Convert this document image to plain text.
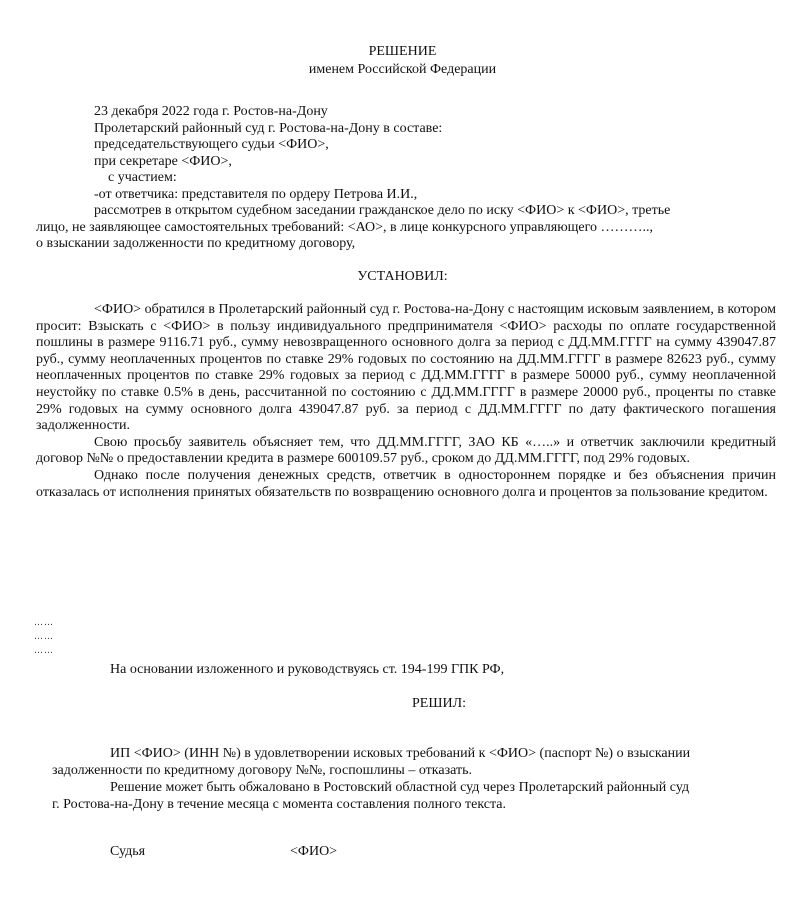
РЕШЕНИЕ
именем Российской Федерации
23 декабря 2022 года г. Ростов-на-Дону
Пролетарский районный суд г. Ростова-на-Дону в составе:
председательствующего судьи <ФИО>,
при секретаре <ФИО>,
с участием:
-от ответчика: представителя по ордеру Петрова И.И.,
рассмотрев в открытом судебном заседании гражданское дело по иску <ФИО> к <ФИО>, третье
лицо, не заявляющее самостоятельных требований: <АО>, в лице конкурсного управляющего ………..,
о взыскании задолженности по кредитному договору,
УСТАНОВИЛ:

<ФИО> обратился в Пролетарский районный суд г. Ростова-на-Дону с настоящим исковым заявлением, в котором просит: Взыскать с <ФИО> в пользу индивидуального предпринимателя <ФИО> расходы по оплате государственной пошлины в размере 9116.71 руб., сумму невозвращенного основного долга за период с ДД.ММ.ГГГГ на сумму 439047.87 руб., сумму неоплаченных процентов по ставке 29% годовых по состоянию на ДД.ММ.ГГГГ в размере 82623 руб., сумму неоплаченных процентов по ставке 29% годовых за период с ДД.ММ.ГГГГ в размере 50000 руб., сумму неоплаченной неустойку по ставке 0.5% в день, рассчитанной по состоянию с ДД.ММ.ГГГГ в размере 20000 руб., проценты по ставке 29% годовых на сумму основного долга 439047.87 руб. за период с ДД.ММ.ГГГГ по дату фактического погашения задолженности.

Свою просьбу заявитель объясняет тем, что ДД.ММ.ГГГГ, ЗАО КБ «…..» и ответчик заключили кредитный договор №№ о предоставлении кредита в размере 600109.57 руб., сроком до ДД.ММ.ГГГГ, под 29% годовых.

Однако после получения денежных средств, ответчик в одностороннем порядке и без объяснения причин отказалась от исполнения принятых обязательств по возвращению основного долга и процентов за пользование кредитом.

……
……
……
На основании изложенного и руководствуясь ст. 194-199 ГПК РФ,
РЕШИЛ:
ИП <ФИО> (ИНН №) в удовлетворении исковых требований к <ФИО> (паспорт №) о взыскании
задолженности по кредитному договору №№, госпошлины – отказать.
Решение может быть обжаловано в Ростовский областной суд через Пролетарский районный суд
г. Ростова-на-Дону в течение месяца с момента составления полного текста.
Судья	<ФИО>
